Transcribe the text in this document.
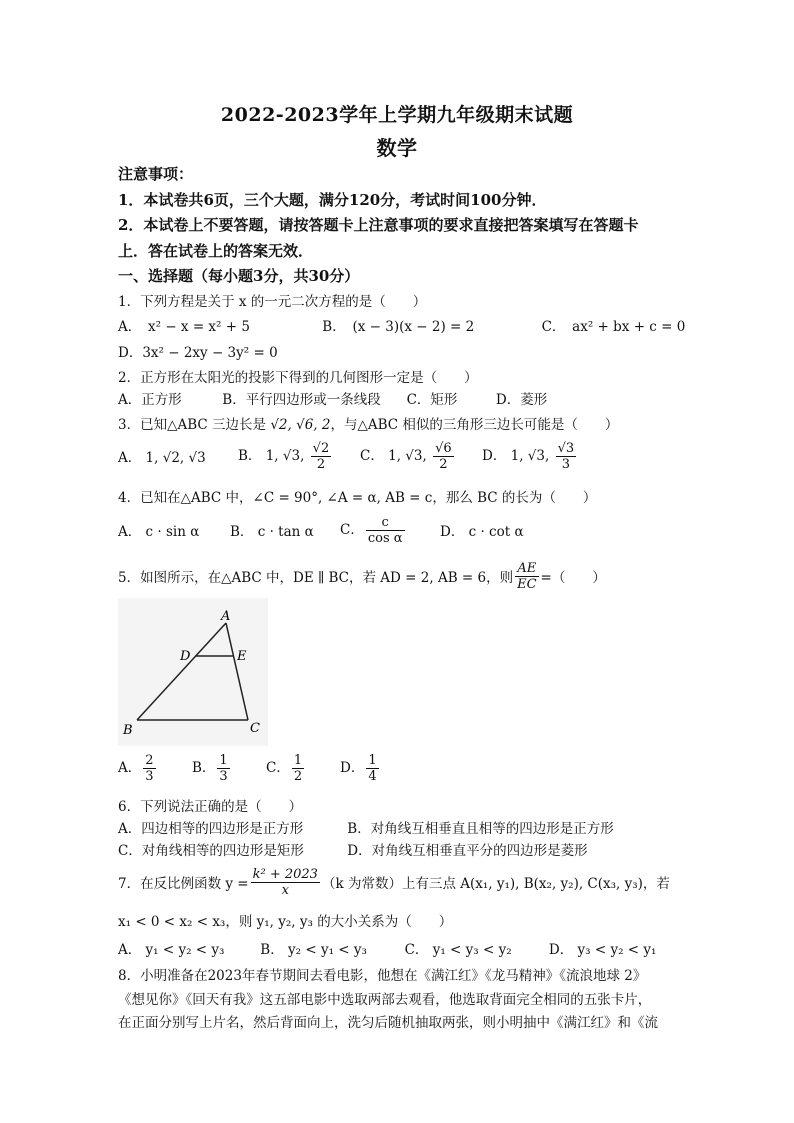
2022-2023学年上学期九年级期末试题
数学
注意事项：
1．本试卷共6页，三个大题，满分120分，考试时间100分钟．
2．本试卷上不要答题，请按答题卡上注意事项的要求直接把答案填写在答题卡
上．答在试卷上的答案无效．
一、选择题（每小题3分，共30分）
1．下列方程是关于 x 的一元二次方程的是（　　）
A．　x² − x = x² + 5	B．　(x − 3)(x − 2) = 2	C．　ax² + bx + c = 0
D．3x² − 2xy − 3y² = 0
2．正方形在太阳光的投影下得到的几何图形一定是（　　）
A．正方形	B．平行四边形或一条线段 C．矩形	D．菱形
3．已知△ABC 三边长是 √2, √6, 2，与△ABC 相似的三角形三边长可能是（　　）
A． 1, √2, √3	B． 1, √3, $\frac{√2}{2}$ C． 1, √3, $\frac{√6}{2}$ D． 1, √3, $\frac{√3}{3}$
4．已知在△ABC 中，∠C = 90°, ∠A = α, AB = c，那么 BC 的长为（　　）
A． c · sin α	B． c · tan α	C． $\frac{c}{\text{cos α}}$	D． c · cot α
5．如图所示，在△ABC 中，DE ∥ BC，若 AD = 2, AB = 6，则 $\frac{AE}{EC}$ =（　　）
A
D	E
B	C
A． $\frac{2}{3}$	B． $\frac{1}{3}$	C． $\frac{1}{2}$	D． $\frac{1}{4}$
6．下列说法正确的是（　　）
A．四边相等的四边形是正方形	B．对角线互相垂直且相等的四边形是正方形
C．对角线相等的四边形是矩形	D．对角线互相垂直平分的四边形是菱形
7．在反比例函数 $y = \frac{\text{k² + 2023}}{x} (k$ 为常数）上有三点 A(x₁, y₁), B(x₂, y₂), C(x₃, y₃)，若
x₁ < 0 < x₂ < x₃，则 y₁, y₂, y₃ 的大小关系为（　　）
A． y₁ < y₂ < y₃	B． y₂ < y₁ < y₃	C． y₁ < y₃ < y₂	D． y₃ < y₂ < y₁
8．小明准备在2023年春节期间去看电影，他想在《满江红》《龙马精神》《流浪地球 2》
《想见你》《回天有我》这五部电影中选取两部去观看，他选取背面完全相同的五张卡片，
在正面分别写上片名，然后背面向上，洗匀后随机抽取两张，则小明抽中《满江红》和《流
